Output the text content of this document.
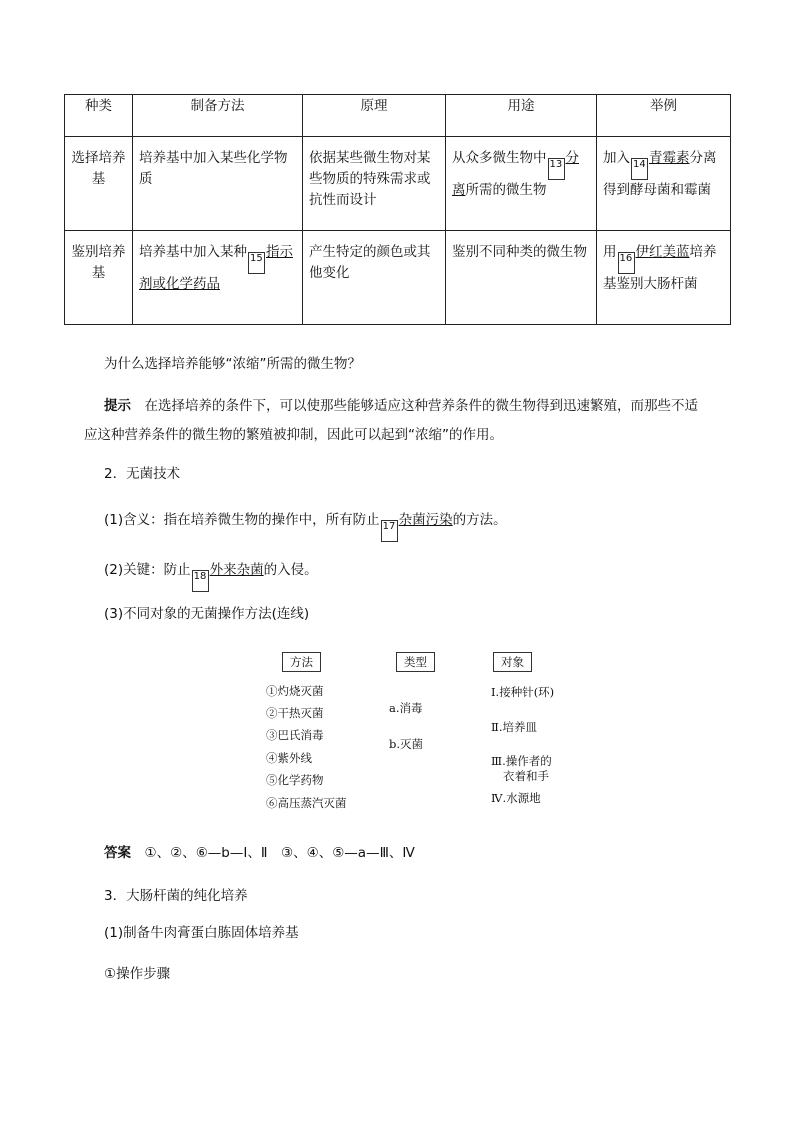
种类	制备方法	原理	用途	举例
选择培养基	培养基中加入某些化学物质	依据某些微生物对某些物质的特殊需求或抗性而设计	从众多微生物中 13 分离所需的微生物	加入 14 青霉素分离得到酵母菌和霉菌
鉴别培养基	培养基中加入某种 15 指示剂或化学药品	产生特定的颜色或其他变化	鉴别不同种类的微生物	用 16 伊红美蓝培养基鉴别大肠杆菌
为什么选择培养能够“浓缩”所需的微生物？
提示　 在选择培养的条件下，可以使那些能够适应这种营养条件的微生物得到迅速繁殖，而那些不适
应这种营养条件的微生物的繁殖被抑制，因此可以起到“浓缩”的作用。
2．无菌技术
(1)含义：指在培养微生物的操作中，所有防止 17 杂菌污染的方法。
(2)关键：防止 18 外来杂菌的入侵。
(3)不同对象的无菌操作方法(连线)
方法	类型	对象
①灼烧灭菌
②干热灭菌
③巴氏消毒
④紫外线
⑤化学药物
⑥高压蒸汽灭菌
a.消毒
b.灭菌
Ⅰ.接种针(环)
Ⅱ.培养皿
Ⅲ.操作者的
衣着和手
Ⅳ.水源地
答案　 ①、②、⑥—b—Ⅰ、Ⅱ　③、④、⑤—a—Ⅲ、Ⅳ
3．大肠杆菌的纯化培养
(1)制备牛肉膏蛋白胨固体培养基
①操作步骤
